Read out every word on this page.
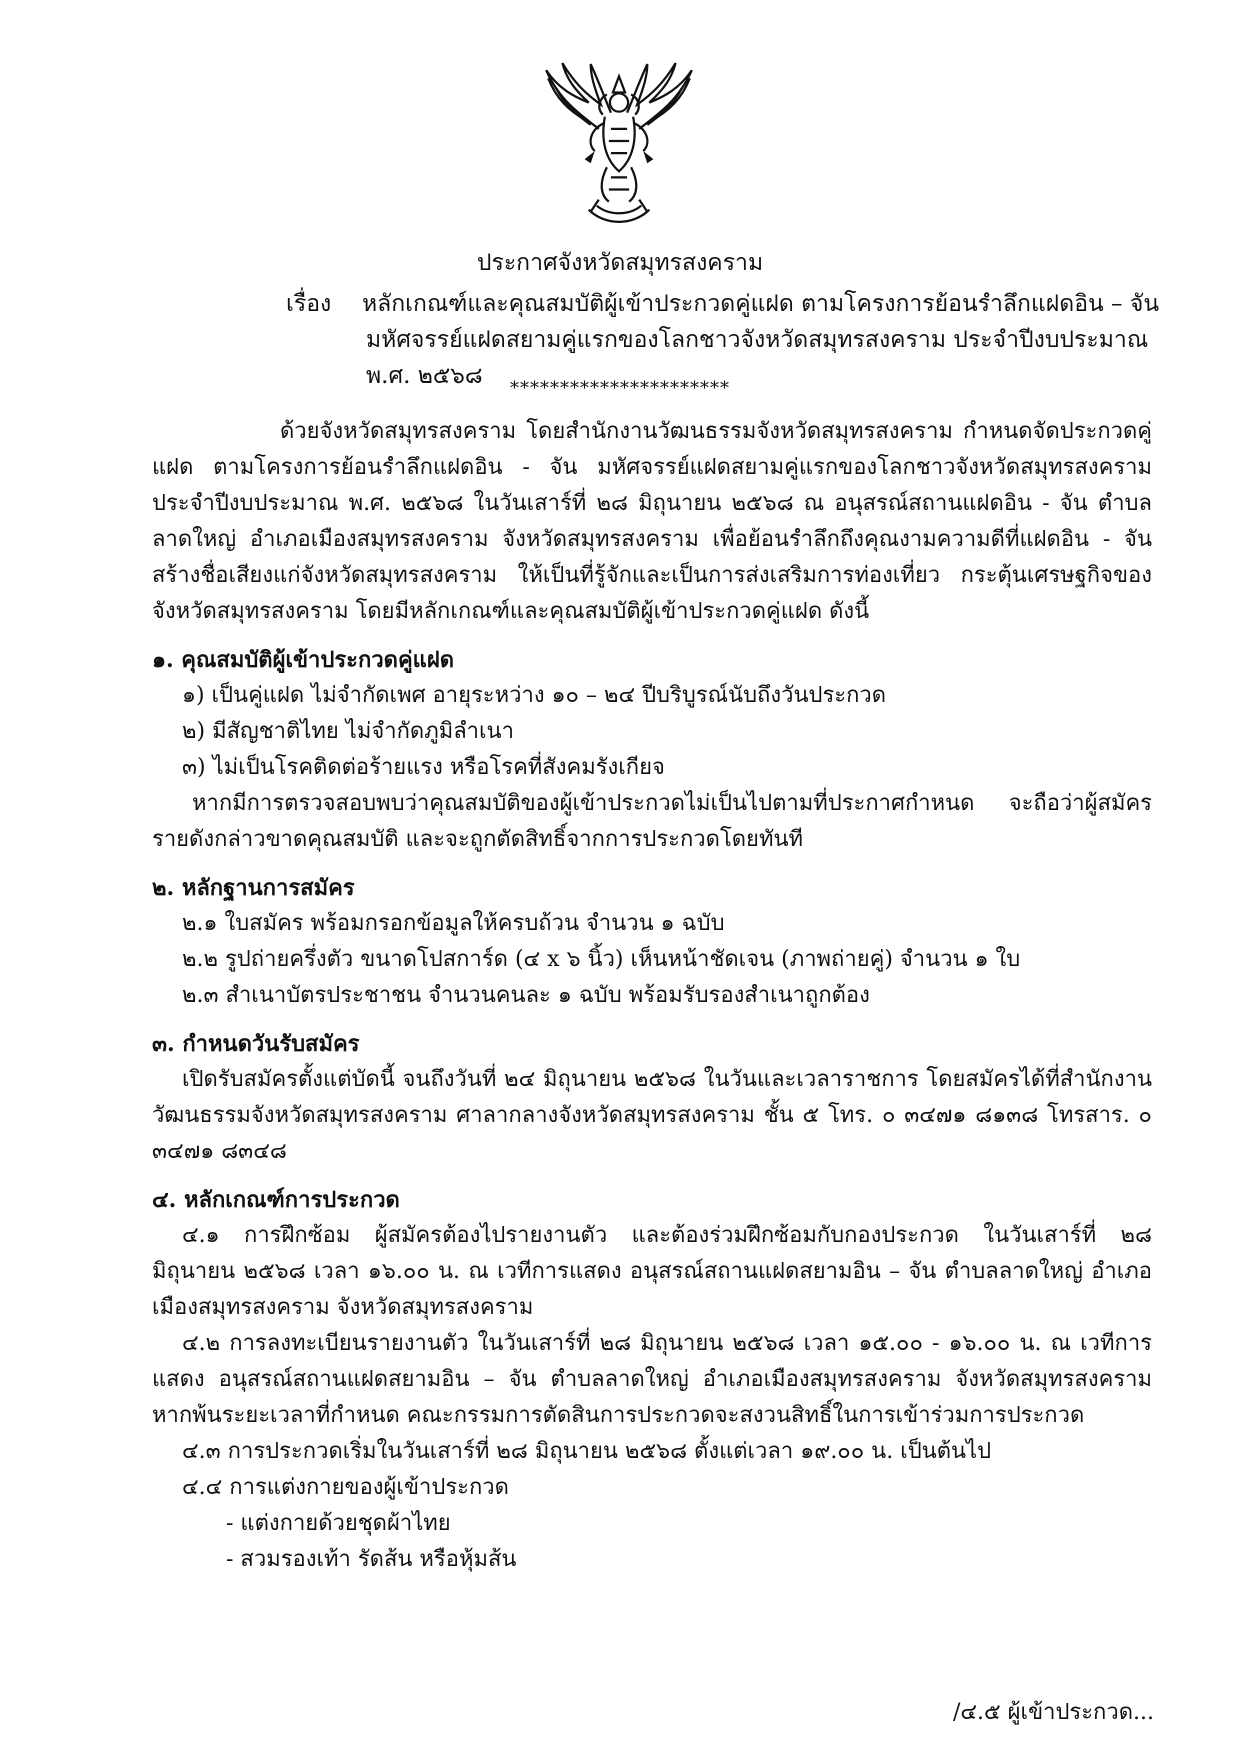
ประกาศจังหวัดสมุทรสงคราม
เรื่อง หลักเกณฑ์และคุณสมบัติผู้เข้าประกวดคู่แฝด ตามโครงการย้อนรำลึกแฝดอิน – จัน
มหัศจรรย์แฝดสยามคู่แรกของโลกชาวจังหวัดสมุทรสงคราม ประจำปีงบประมาณ พ.ศ. ๒๕๖๘	**********************

ด้วยจังหวัดสมุทรสงคราม โดยสำนักงานวัฒนธรรมจังหวัดสมุทรสงคราม กำหนดจัดประกวดคู่แฝด ตามโครงการย้อนรำลึกแฝดอิน - จัน มหัศจรรย์แฝดสยามคู่แรกของโลกชาวจังหวัดสมุทรสงคราม ประจำปีงบประมาณ พ.ศ. ๒๕๖๘ ในวันเสาร์ที่ ๒๘ มิถุนายน ๒๕๖๘ ณ อนุสรณ์สถานแฝดอิน - จัน ตำบลลาดใหญ่ อำเภอเมืองสมุทรสงคราม จังหวัดสมุทรสงคราม เพื่อย้อนรำลึกถึงคุณงามความดีที่แฝดอิน - จัน สร้างชื่อเสียงแก่จังหวัดสมุทรสงคราม ให้เป็นที่รู้จักและเป็นการส่งเสริมการท่องเที่ยว กระตุ้นเศรษฐกิจของจังหวัดสมุทรสงคราม โดยมีหลักเกณฑ์และคุณสมบัติผู้เข้าประกวดคู่แฝด ดังนี้

๑. คุณสมบัติผู้เข้าประกวดคู่แฝด

๑) เป็นคู่แฝด ไม่จำกัดเพศ อายุระหว่าง ๑๐ – ๒๔ ปีบริบูรณ์นับถึงวันประกวด

๒) มีสัญชาติไทย ไม่จำกัดภูมิลำเนา

๓) ไม่เป็นโรคติดต่อร้ายแรง หรือโรคที่สังคมรังเกียจ

หากมีการตรวจสอบพบว่าคุณสมบัติของผู้เข้าประกวดไม่เป็นไปตามที่ประกาศกำหนด จะถือว่าผู้สมัครรายดังกล่าวขาดคุณสมบัติ และจะถูกตัดสิทธิ์จากการประกวดโดยทันที

๒. หลักฐานการสมัคร

๒.๑ ใบสมัคร พร้อมกรอกข้อมูลให้ครบถ้วน จำนวน ๑ ฉบับ

๒.๒ รูปถ่ายครึ่งตัว ขนาดโปสการ์ด (๔ x ๖ นิ้ว) เห็นหน้าชัดเจน (ภาพถ่ายคู่) จำนวน ๑ ใบ

๒.๓ สำเนาบัตรประชาชน จำนวนคนละ ๑ ฉบับ พร้อมรับรองสำเนาถูกต้อง

๓. กำหนดวันรับสมัคร

เปิดรับสมัครตั้งแต่บัดนี้ จนถึงวันที่ ๒๔ มิถุนายน ๒๕๖๘ ในวันและเวลาราชการ โดยสมัครได้ที่สำนักงานวัฒนธรรมจังหวัดสมุทรสงคราม ศาลากลางจังหวัดสมุทรสงคราม ชั้น ๕ โทร. ๐ ๓๔๗๑ ๘๑๓๘ โทรสาร. ๐ ๓๔๗๑ ๘๓๔๘

๔. หลักเกณฑ์การประกวด

๔.๑ การฝึกซ้อม ผู้สมัครต้องไปรายงานตัว และต้องร่วมฝึกซ้อมกับกองประกวด ในวันเสาร์ที่ ๒๘ มิถุนายน ๒๕๖๘ เวลา ๑๖.๐๐ น. ณ เวทีการแสดง อนุสรณ์สถานแฝดสยามอิน – จัน ตำบลลาดใหญ่ อำเภอเมืองสมุทรสงคราม จังหวัดสมุทรสงคราม

๔.๒ การลงทะเบียนรายงานตัว ในวันเสาร์ที่ ๒๘ มิถุนายน ๒๕๖๘ เวลา ๑๕.๐๐ - ๑๖.๐๐ น. ณ เวทีการแสดง อนุสรณ์สถานแฝดสยามอิน – จัน ตำบลลาดใหญ่ อำเภอเมืองสมุทรสงคราม จังหวัดสมุทรสงคราม หากพ้นระยะเวลาที่กำหนด คณะกรรมการตัดสินการประกวดจะสงวนสิทธิ์ในการเข้าร่วมการประกวด

๔.๓ การประกวดเริ่มในวันเสาร์ที่ ๒๘ มิถุนายน ๒๕๖๘ ตั้งแต่เวลา ๑๙.๐๐ น. เป็นต้นไป

๔.๔ การแต่งกายของผู้เข้าประกวด

- แต่งกายด้วยชุดผ้าไทย

- สวมรองเท้า รัดส้น หรือหุ้มส้น

/๔.๕ ผู้เข้าประกวด...
